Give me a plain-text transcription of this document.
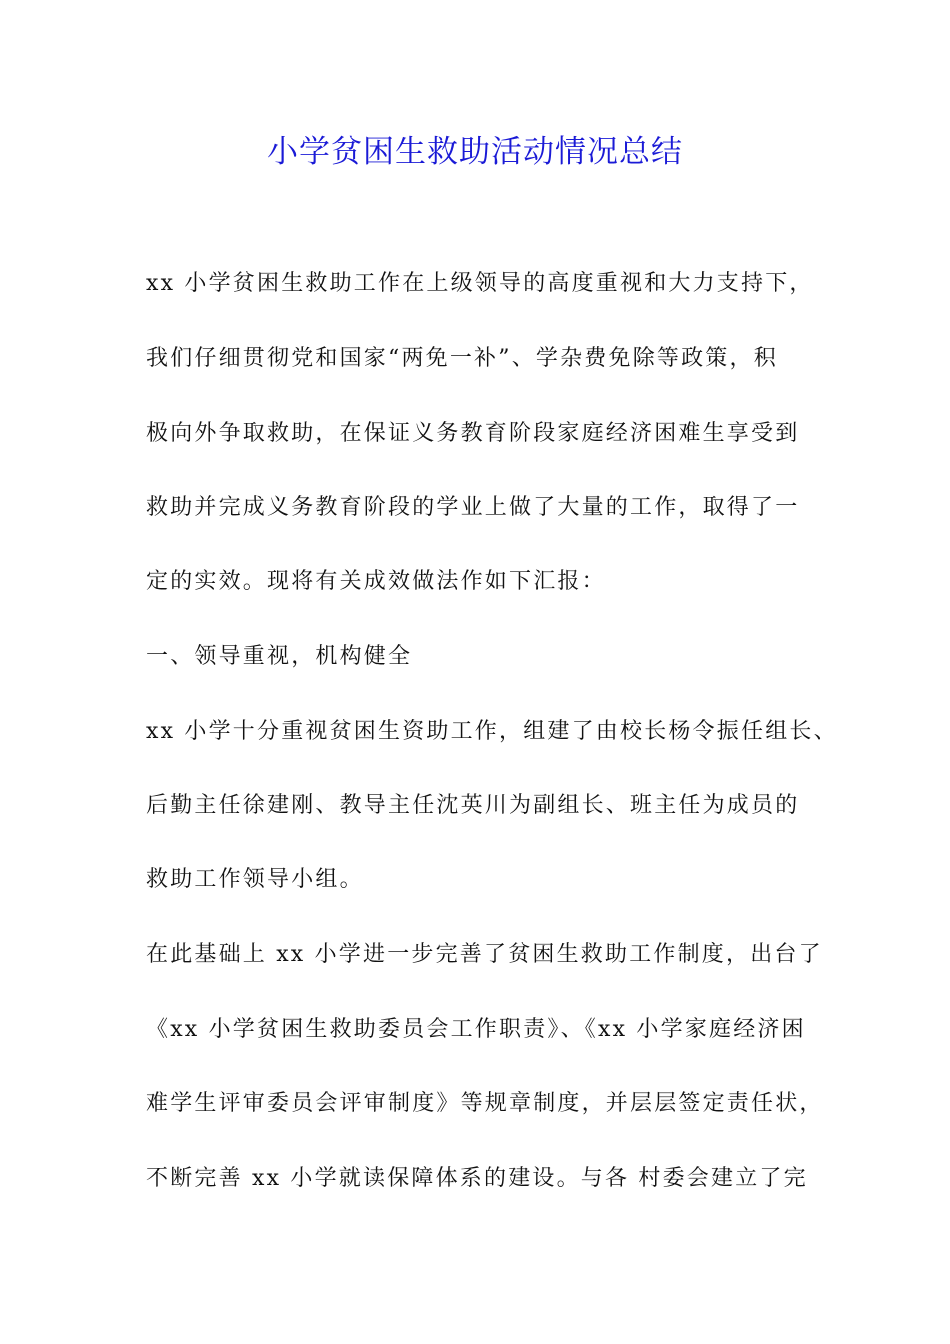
小学贫困生救助活动情况总结

xx 小学贫困生救助工作在上级领导的高度重视和大力支持下，

我们仔细贯彻党和国家“两免一补”、学杂费免除等政策，积

极向外争取救助，在保证义务教育阶段家庭经济困难生享受到

救助并完成义务教育阶段的学业上做了大量的工作，取得了一

定的实效。现将有关成效做法作如下汇报：

一、领导重视，机构健全

xx 小学十分重视贫困生资助工作，组建了由校长杨令振任组长、

后勤主任徐建刚、教导主任沈英川为副组长、班主任为成员的

救助工作领导小组。

在此基础上 xx 小学进一步完善了贫困生救助工作制度，出台了

《xx 小学贫困生救助委员会工作职责》、《xx 小学家庭经济困

难学生评审委员会评审制度》等规章制度，并层层签定责任状，

不断完善 xx 小学就读保障体系的建设。与各 村委会建立了完
